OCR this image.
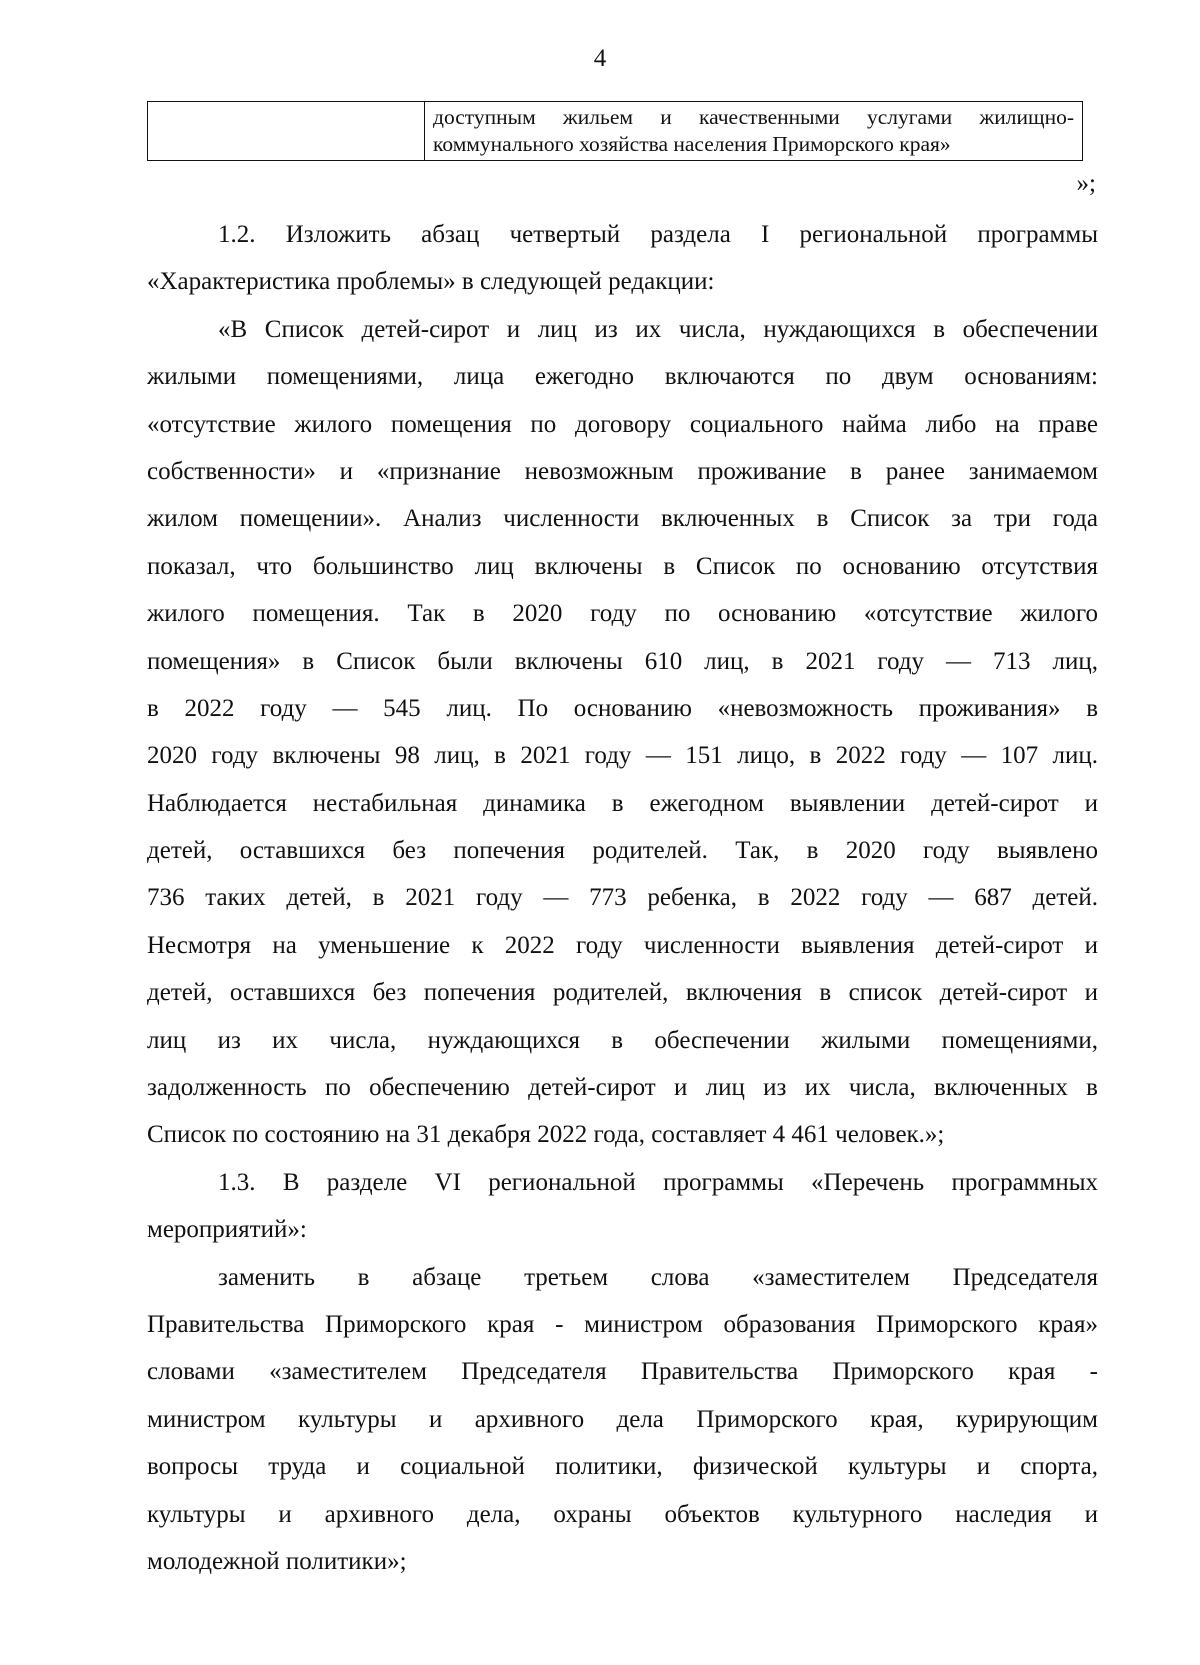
4
доступным жильем и качественными услугами жилищно-
коммунального хозяйства населения Приморского края»
»;
1.2. Изложить абзац четвертый раздела I региональной программы
«Характеристика проблемы» в следующей редакции:
«В Список детей-сирот и лиц из их числа, нуждающихся в обеспечении
жилыми помещениями, лица ежегодно включаются по двум основаниям:
«отсутствие жилого помещения по договору социального найма либо на праве
собственности» и «признание невозможным проживание в ранее занимаемом
жилом помещении». Анализ численности включенных в Список за три года
показал, что большинство лиц включены в Список по основанию отсутствия
жилого помещения. Так в 2020 году по основанию «отсутствие жилого
помещения» в Список были включены 610 лиц, в 2021 году — 713 лиц,
в 2022 году — 545 лиц. По основанию «невозможность проживания» в
2020 году включены 98 лиц, в 2021 году — 151 лицо, в 2022 году — 107 лиц.
Наблюдается нестабильная динамика в ежегодном выявлении детей-сирот и
детей, оставшихся без попечения родителей. Так, в 2020 году выявлено
736 таких детей, в 2021 году — 773 ребенка, в 2022 году — 687 детей.
Несмотря на уменьшение к 2022 году численности выявления детей-сирот и
детей, оставшихся без попечения родителей, включения в список детей-сирот и
лиц из их числа, нуждающихся в обеспечении жилыми помещениями,
задолженность по обеспечению детей-сирот и лиц из их числа, включенных в
Список по состоянию на 31 декабря 2022 года, составляет 4 461 человек.»;
1.3. В разделе VI региональной программы «Перечень программных
мероприятий»:
заменить в абзаце третьем слова «заместителем Председателя
Правительства Приморского края - министром образования Приморского края»
словами «заместителем Председателя Правительства Приморского края -
министром культуры и архивного дела Приморского края, курирующим
вопросы труда и социальной политики, физической культуры и спорта,
культуры и архивного дела, охраны объектов культурного наследия и
молодежной политики»;
